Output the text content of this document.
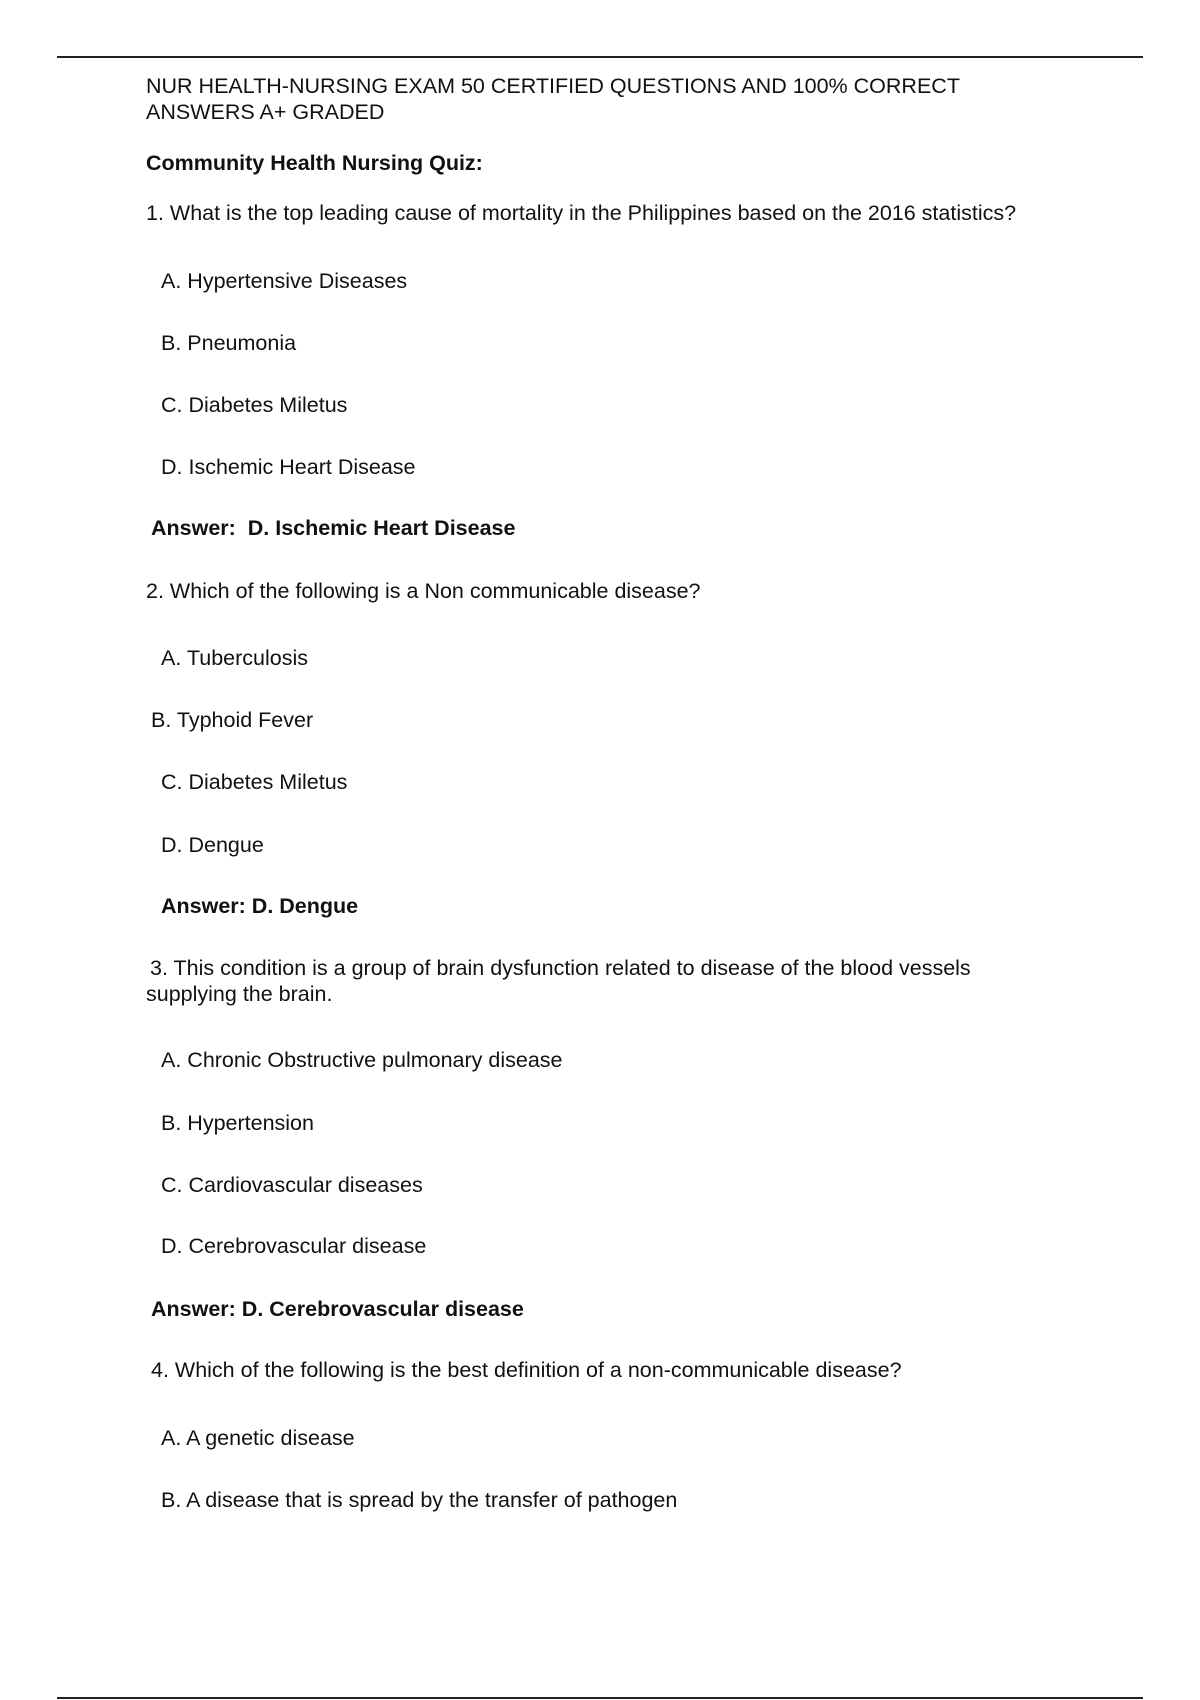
NUR HEALTH-NURSING EXAM 50 CERTIFIED QUESTIONS AND 100% CORRECT

ANSWERS A+ GRADED

Community Health Nursing Quiz:

1. What is the top leading cause of mortality in the Philippines based on the 2016 statistics?

A. Hypertensive Diseases

B. Pneumonia

C. Diabetes Miletus

D. Ischemic Heart Disease

Answer:  D. Ischemic Heart Disease

2. Which of the following is a Non communicable disease?

A. Tuberculosis

B. Typhoid Fever

C. Diabetes Miletus

D. Dengue

Answer: D. Dengue

3. This condition is a group of brain dysfunction related to disease of the blood vessels

supplying the brain.

A. Chronic Obstructive pulmonary disease

B. Hypertension

C. Cardiovascular diseases

D. Cerebrovascular disease

Answer: D. Cerebrovascular disease

4. Which of the following is the best definition of a non-communicable disease?

A. A genetic disease

B. A disease that is spread by the transfer of pathogen
